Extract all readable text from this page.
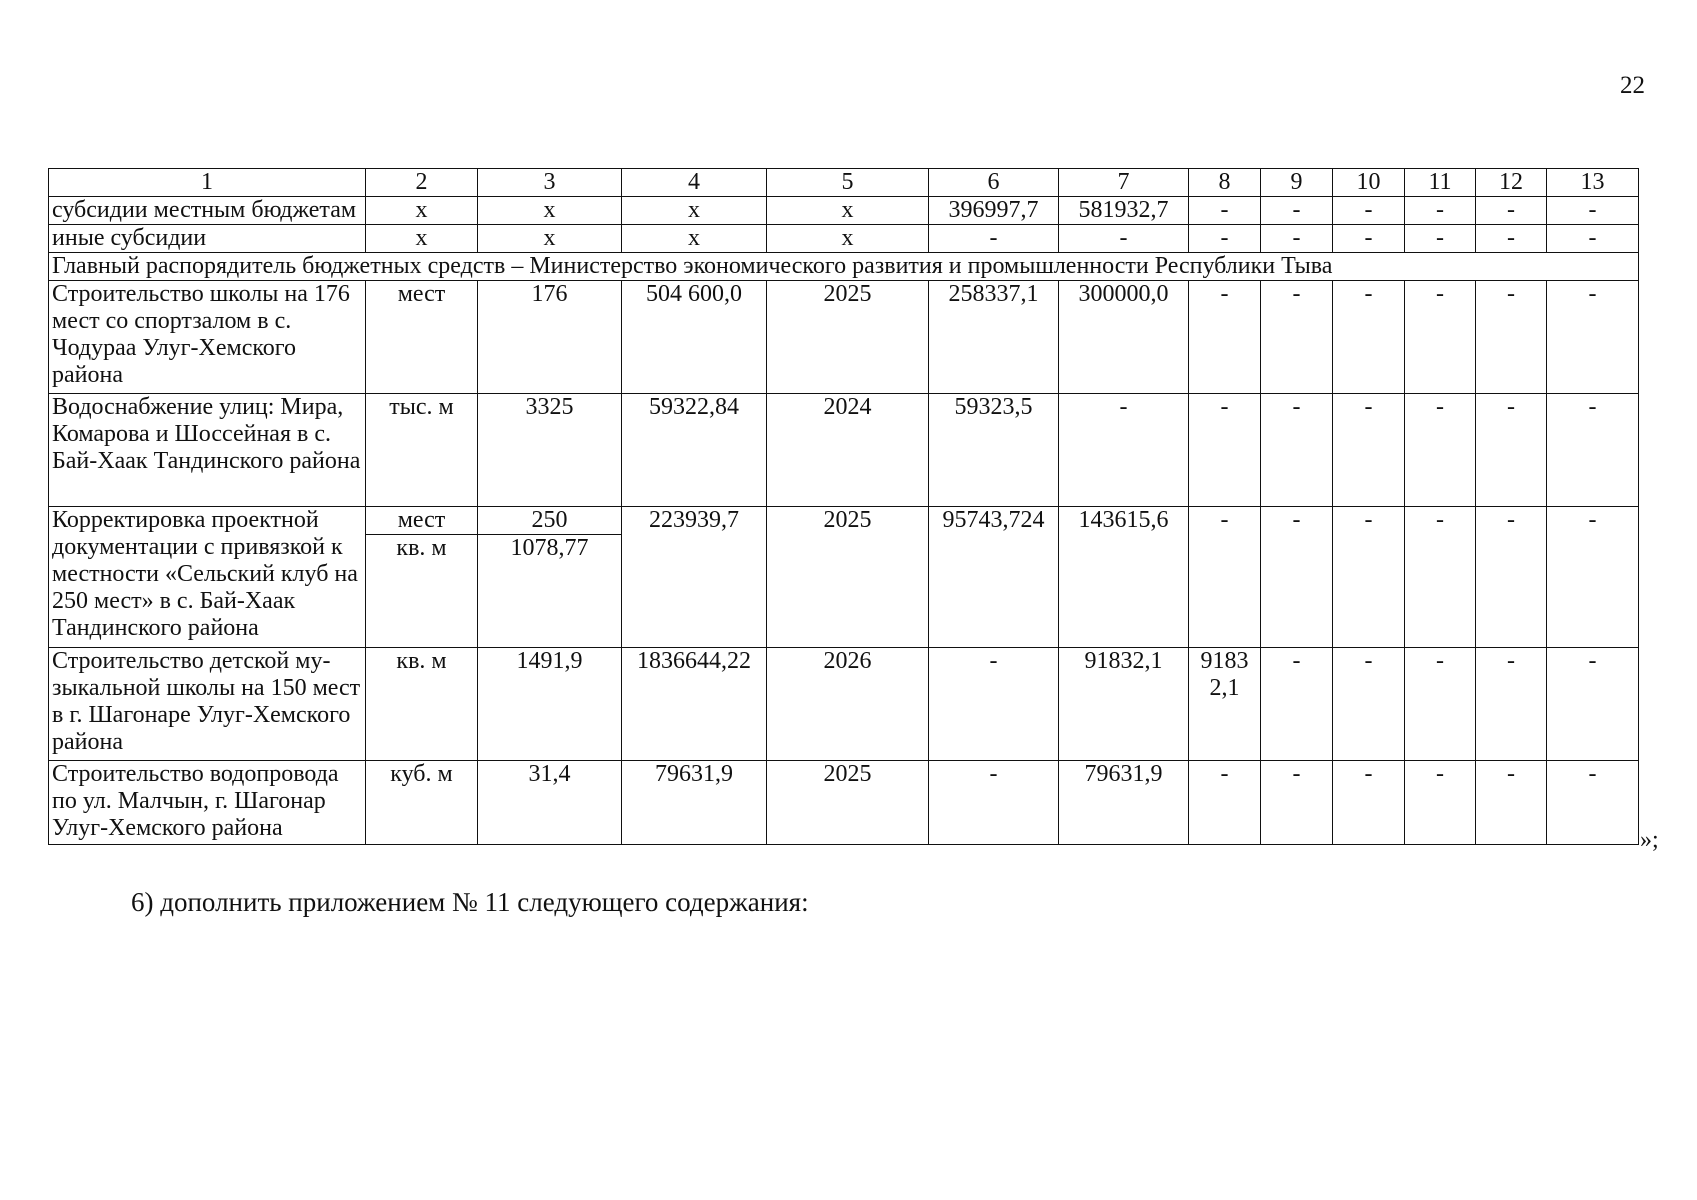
22
1	2	3	4	5	6	7	8	9	10	11	12	13
субсидии местным бюджетам	х	х	х	х	396997,7	581932,7	-	-	-	-	-	-
иные субсидии	х	х	х	х	-	-	-	-	-	-	-	-
Главный распорядитель бюджетных средств – Министерство экономического развития и промышленности Республики Тыва												
Строительство школы на 176 мест со спортзалом в с. Чодураа Улуг-Хемского района	мест	176	504 600,0	2025	258337,1	300000,0	-	-	-	-	-	-
Водоснабжение улиц: Мира, Комарова и Шоссейная в с. Бай-Хаак Тандинского района	тыс. м	3325	59322,84	2024	59323,5	-	-	-	-	-	-	-
Корректировка проектной документации с привязкой к местности «Сельский клуб на 250 мест» в с. Бай-Хаак Тандинского района	мест	250	223939,7	2025	95743,724	143615,6	-	-	-	-	-	-
	кв. м	1078,77										
Строительство детской му-зыкальной школы на 150 мест в г. Шагонаре Улуг-Хемского района	кв. м	1491,9	1836644,22	2026	-	91832,1	91832,1	-	-	-	-	-
Строительство водопровода по ул. Малчын, г. Шагонар Улуг-Хемского района	куб. м	31,4	79631,9	2025	-	79631,9	-	-	-	-	-	-
»;
6) дополнить приложением № 11 следующего содержания:
